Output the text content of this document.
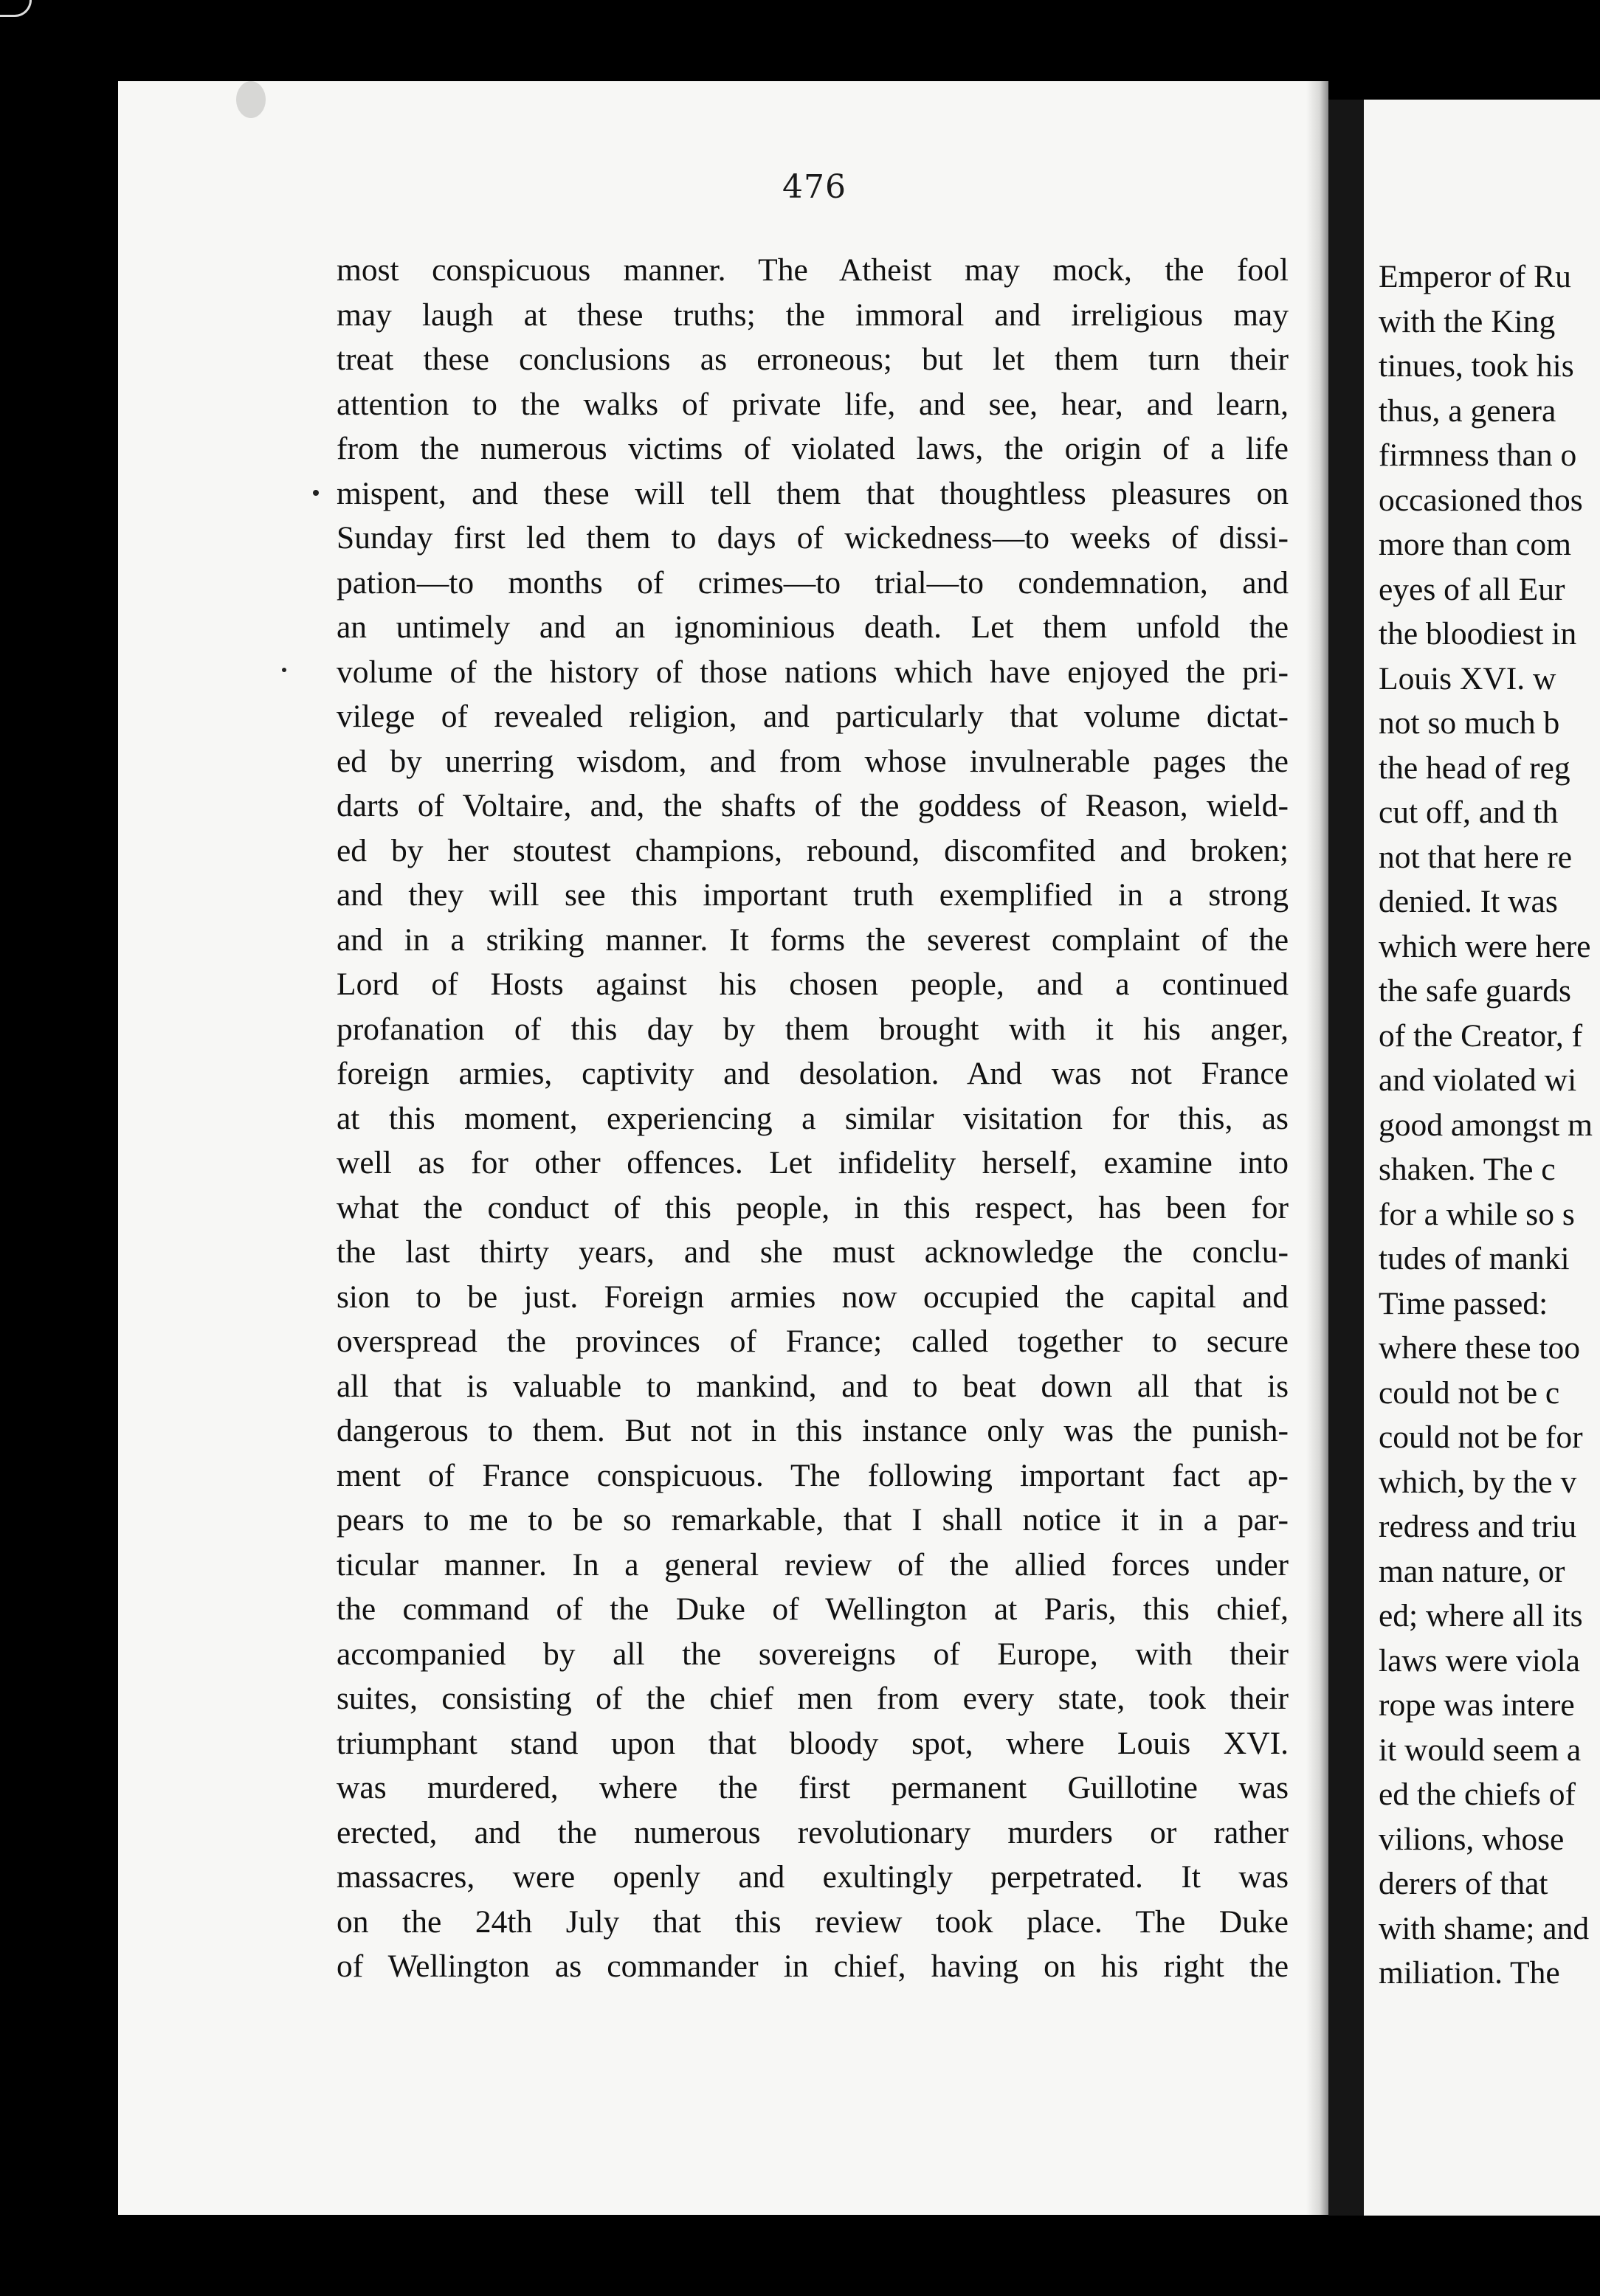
476
most conspicuous manner. The Atheist may mock, the fool
may laugh at these truths; the immoral and irreligious may
treat these conclusions as erroneous; but let them turn their
attention to the walks of private life, and see, hear, and learn,
from the numerous victims of violated laws, the origin of a life
mispent, and these will tell them that thoughtless pleasures on
Sunday first led them to days of wickedness—to weeks of dissi-
pation—to months of crimes—to trial—to condemnation, and
an untimely and an ignominious death. Let them unfold the
volume of the history of those nations which have enjoyed the pri-
vilege of revealed religion, and particularly that volume dictat-
ed by unerring wisdom, and from whose invulnerable pages the
darts of Voltaire, and, the shafts of the goddess of Reason, wield-
ed by her stoutest champions, rebound, discomfited and broken;
and they will see this important truth exemplified in a strong
and in a striking manner. It forms the severest complaint of the
Lord of Hosts against his chosen people, and a continued
profanation of this day by them brought with it his anger,
foreign armies, captivity and desolation. And was not France
at this moment, experiencing a similar visitation for this, as
well as for other offences. Let infidelity herself, examine into
what the conduct of this people, in this respect, has been for
the last thirty years, and she must acknowledge the conclu-
sion to be just. Foreign armies now occupied the capital and
overspread the provinces of France; called together to secure
all that is valuable to mankind, and to beat down all that is
dangerous to them. But not in this instance only was the punish-
ment of France conspicuous. The following important fact ap-
pears to me to be so remarkable, that I shall notice it in a par-
ticular manner. In a general review of the allied forces under
the command of the Duke of Wellington at Paris, this chief,
accompanied by all the sovereigns of Europe, with their
suites, consisting of the chief men from every state, took their
triumphant stand upon that bloody spot, where Louis XVI.
was murdered, where the first permanent Guillotine was
erected, and the numerous revolutionary murders or rather
massacres, were openly and exultingly perpetrated. It was
on the 24th July that this review took place. The Duke
of Wellington as commander in chief, having on his right the
Emperor of Ru
with the King
tinues, took his
thus, a genera
firmness than o
occasioned thos
more than com
eyes of all Eur
the bloodiest in
Louis XVI. w
not so much b
the head of reg
cut off, and th
not that here re
denied. It was
which were here
the safe guards
of the Creator, f
and violated wi
good amongst m
shaken. The c
for a while so s
tudes of manki
Time passed:
where these too
could not be c
could not be for
which, by the v
redress and triu
man nature, or
ed; where all its
laws were viola
rope was intere
it would seem a
ed the chiefs of
vilions, whose
derers of that
with shame; and
miliation. The
